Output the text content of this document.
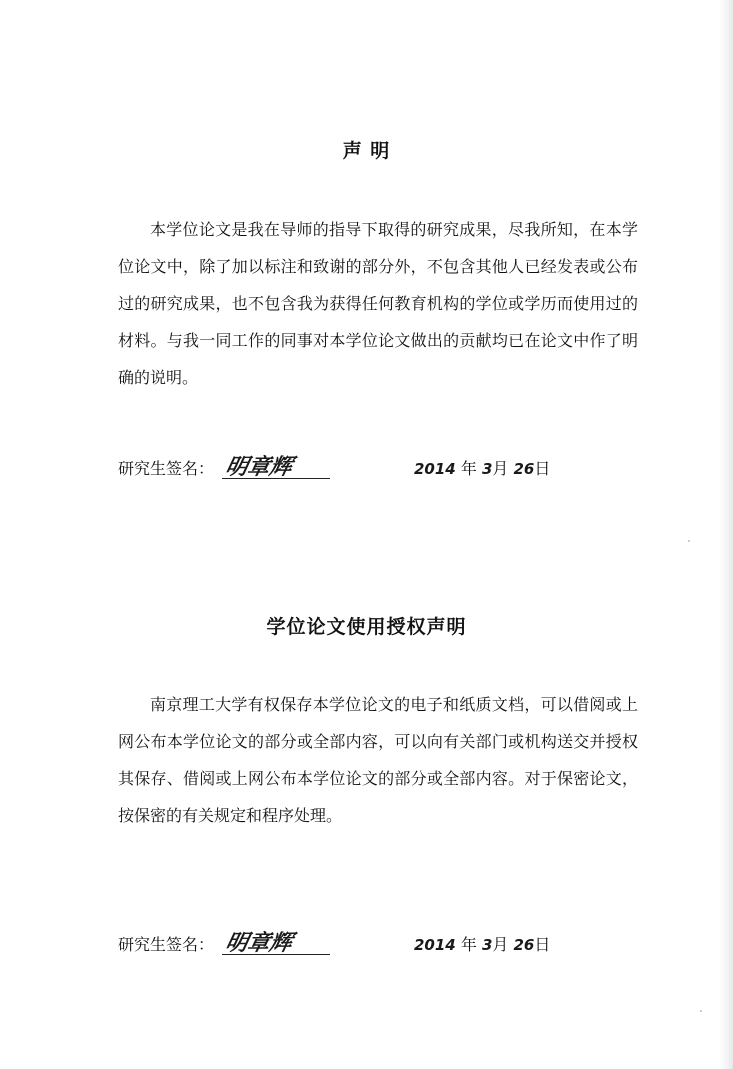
声 明

本学位论文是我在导师的指导下取得的研究成果，尽我所知，在本学位论文中，除了加以标注和致谢的部分外，不包含其他人已经发表或公布过的研究成果，也不包含我为获得任何教育机构的学位或学历而使用过的材料。与我一同工作的同事对本学位论文做出的贡献均已在论文中作了明确的说明。

研究生签名： 明章辉	2014 年 3月 26日
学位论文使用授权声明

南京理工大学有权保存本学位论文的电子和纸质文档，可以借阅或上网公布本学位论文的部分或全部内容，可以向有关部门或机构送交并授权其保存、借阅或上网公布本学位论文的部分或全部内容。对于保密论文，按保密的有关规定和程序处理。

研究生签名： 明章辉	2014 年 3月 26日
